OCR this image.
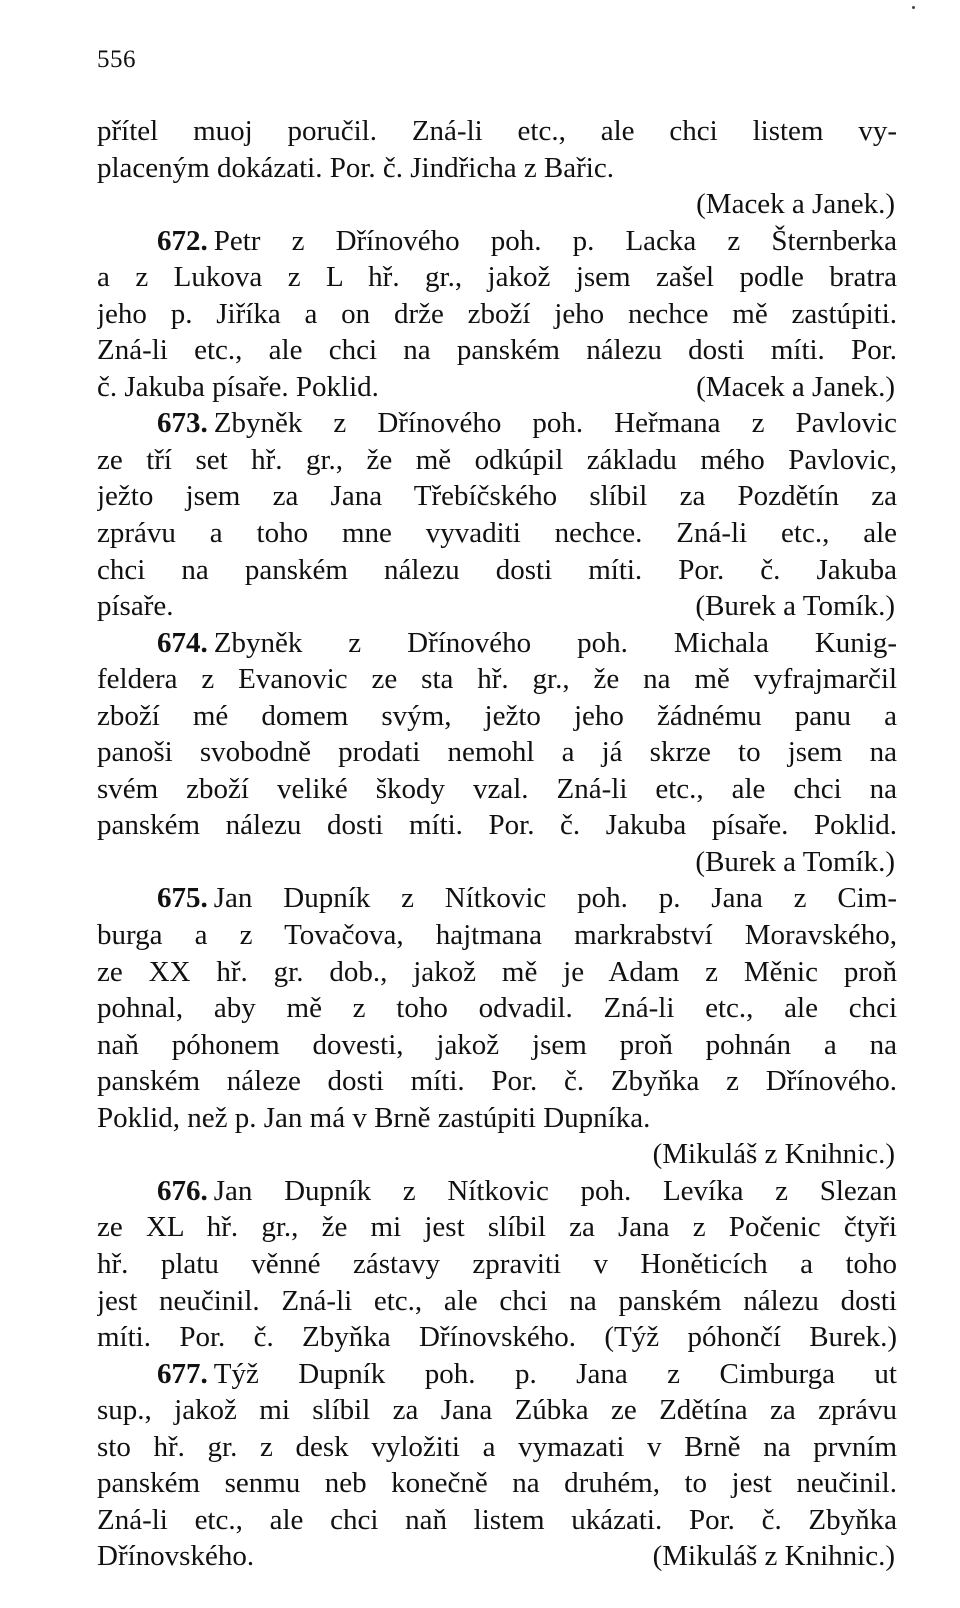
556
přítel muoj poručil. Zná-li etc., ale chci listem vy-
placeným dokázati. Por. č. Jindřicha z Bařic.
(Macek a Janek.)
672. Petr z Dřínového poh. p. Lacka z Šternberka
a z Lukova z L hř. gr., jakož jsem zašel podle bratra
jeho p. Jiříka a on drže zboží jeho nechce mě zastúpiti.
Zná-li etc., ale chci na panském nálezu dosti míti. Por.
č. Jakuba písaře. Poklid.	(Macek a Janek.)
673. Zbyněk z Dřínového poh. Heřmana z Pavlovic
ze tří set hř. gr., že mě odkúpil základu mého Pavlovic,
ježto jsem za Jana Třebíčského slíbil za Pozdětín za
zprávu a toho mne vyvaditi nechce. Zná-li etc., ale
chci na panském nálezu dosti míti. Por. č. Jakuba
písaře.	(Burek a Tomík.)
674. Zbyněk z Dřínového poh. Michala Kunig-
feldera z Evanovic ze sta hř. gr., že na mě vyfrajmarčil
zboží mé domem svým, ježto jeho žádnému panu a
panoši svobodně prodati nemohl a já skrze to jsem na
svém zboží veliké škody vzal. Zná-li etc., ale chci na
panském nálezu dosti míti. Por. č. Jakuba písaře. Poklid.
(Burek a Tomík.)
675. Jan Dupník z Nítkovic poh. p. Jana z Cim-
burga a z Tovačova, hajtmana markrabství Moravského,
ze XX hř. gr. dob., jakož mě je Adam z Měnic proň
pohnal, aby mě z toho odvadil. Zná-li etc., ale chci
naň póhonem dovesti, jakož jsem proň pohnán a na
panském náleze dosti míti. Por. č. Zbyňka z Dřínového.
Poklid, než p. Jan má v Brně zastúpiti Dupníka.
(Mikuláš z Knihnic.)
676. Jan Dupník z Nítkovic poh. Levíka z Slezan
ze XL hř. gr., že mi jest slíbil za Jana z Počenic čtyři
hř. platu věnné zástavy zpraviti v Honěticích a toho
jest neučinil. Zná-li etc., ale chci na panském nálezu dosti
míti. Por. č. Zbyňka Dřínovského. (Týž póhončí Burek.)
677. Týž Dupník poh. p. Jana z Cimburga ut
sup., jakož mi slíbil za Jana Zúbka ze Zdětína za zprávu
sto hř. gr. z desk vyložiti a vymazati v Brně na prvním
panském senmu neb konečně na druhém, to jest neučinil.
Zná-li etc., ale chci naň listem ukázati. Por. č. Zbyňka
Dřínovského.	(Mikuláš z Knihnic.)
